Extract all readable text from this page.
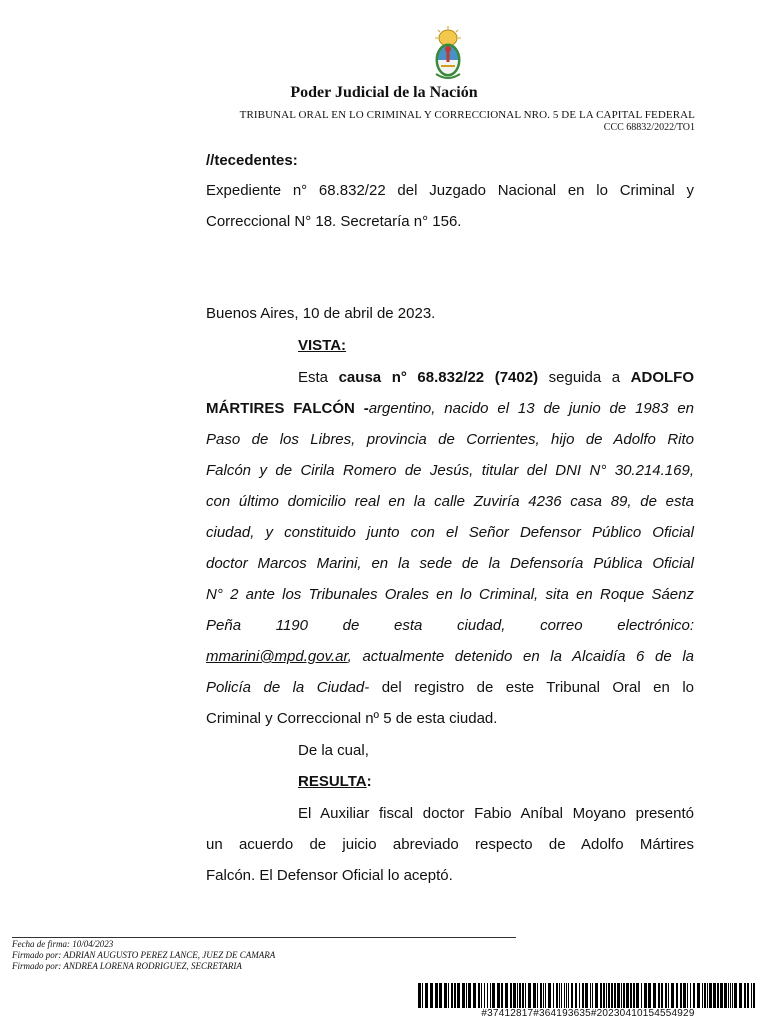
Poder Judicial de la Nación
TRIBUNAL ORAL EN LO CRIMINAL Y CORRECCIONAL NRO. 5 DE LA CAPITAL FEDERAL
CCC 68832/2022/TO1
//tecedentes:
Expediente n° 68.832/22 del Juzgado Nacional en lo Criminal y
Correccional N° 18. Secretaría n° 156.
Buenos Aires, 10 de abril de 2023.
VISTA:
Esta causa n° 68.832/22 (7402) seguida a ADOLFO
MÁRTIRES FALCÓN -argentino, nacido el 13 de junio de 1983 en
Paso de los Libres, provincia de Corrientes, hijo de Adolfo Rito
Falcón y de Cirila Romero de Jesús, titular del DNI N° 30.214.169,
con último domicilio real en la calle Zuviría 4236 casa 89, de esta
ciudad, y constituido junto con el Señor Defensor Público Oficial
doctor Marcos Marini, en la sede de la Defensoría Pública Oficial
N° 2 ante los Tribunales Orales en lo Criminal, sita en Roque Sáenz
Peña 1190 de esta ciudad, correo electrónico:
mmarini@mpd.gov.ar, actualmente detenido en la Alcaidía 6 de la
Policía de la Ciudad- del registro de este Tribunal Oral en lo
Criminal y Correccional nº 5 de esta ciudad.
De la cual,
RESULTA:
El Auxiliar fiscal doctor Fabio Aníbal Moyano presentó
un acuerdo de juicio abreviado respecto de Adolfo Mártires
Falcón. El Defensor Oficial lo aceptó.
Fecha de firma: 10/04/2023
Firmado por: ADRIAN AUGUSTO PEREZ LANCE, JUEZ DE CAMARA
Firmado por: ANDREA LORENA RODRIGUEZ, SECRETARIA
#37412817#364193635#20230410154554929
